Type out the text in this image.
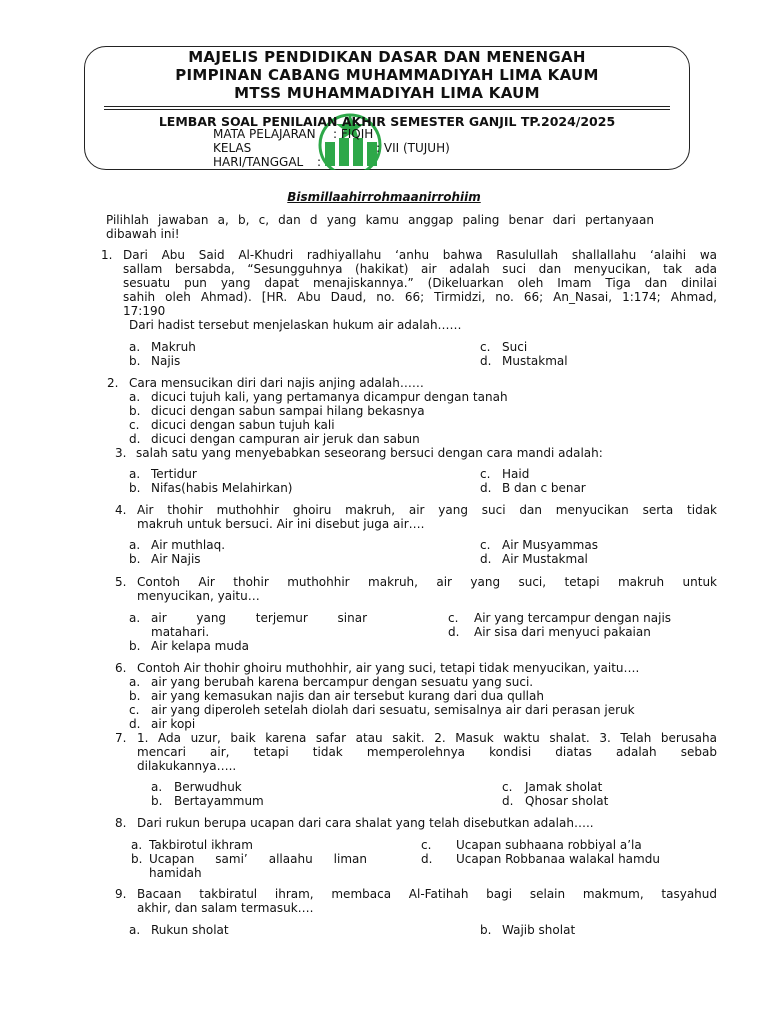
MAJELIS PENDIDIKAN DASAR DAN MENENGAH
PIMPINAN CABANG MUHAMMADIYAH LIMA KAUM
MTSS MUHAMMADIYAH LIMA KAUM
LEMBAR SOAL PENILAIAN AKHIR SEMESTER GANJIL TP.2024/2025
MATA PELAJARAN : FIQIH
KELAS	: VII (TUJUH)
HARI/TANGGAL :
Bismillaahirrohmaanirrohiim
Pilihlah jawaban a, b, c, dan d yang kamu anggap paling benar dari pertanyaan
dibawah ini!
1. Dari Abu Said Al-Khudri radhiyallahu ‘anhu bahwa Rasulullah shallallahu ‘alaihi wa
sallam bersabda, “Sesungguhnya (hakikat) air adalah suci dan menyucikan, tak ada
sesuatu pun yang dapat menajiskannya.” (Dikeluarkan oleh Imam Tiga dan dinilai
sahih oleh Ahmad). [HR. Abu Daud, no. 66; Tirmidzi, no. 66; An_Nasai, 1:174; Ahmad,
17:190
Dari hadist tersebut menjelaskan hukum air adalah……
a. Makruh
b. Najis
c. Suci
d. Mustakmal
2. Cara mensucikan diri dari najis anjing adalah……
a. dicuci tujuh kali, yang pertamanya dicampur dengan tanah
b. dicuci dengan sabun sampai hilang bekasnya
c. dicuci dengan sabun tujuh kali
d. dicuci dengan campuran air jeruk dan sabun
3. salah satu yang menyebabkan seseorang bersuci dengan cara mandi adalah:
a. Tertidur
b. Nifas(habis Melahirkan)
c. Haid
d. B dan c benar
4. Air thohir muthohhir ghoiru makruh, air yang suci dan menyucikan serta tidak
makruh untuk bersuci. Air ini disebut juga air….
a. Air muthlaq.
b. Air Najis
c. Air Musyammas
d. Air Mustakmal
5. Contoh Air thohir muthohhir makruh, air yang suci, tetapi makruh untuk
menyucikan, yaitu…
a. air yang terjemur sinar
matahari.
b. Air kelapa muda
c. Air yang tercampur dengan najis
d. Air sisa dari menyuci pakaian
6. Contoh Air thohir ghoiru muthohhir, air yang suci, tetapi tidak menyucikan, yaitu….
a. air yang berubah karena bercampur dengan sesuatu yang suci.
b. air yang kemasukan najis dan air tersebut kurang dari dua qullah
c. air yang diperoleh setelah diolah dari sesuatu, semisalnya air dari perasan jeruk
d. air kopi
7. 1. Ada uzur, baik karena safar atau sakit. 2. Masuk waktu shalat. 3. Telah berusaha
mencari air, tetapi tidak memperolehnya kondisi diatas adalah sebab
dilakukannya…..
a. Berwudhuk
b. Bertayammum
c. Jamak sholat
d. Qhosar sholat
8. Dari rukun berupa ucapan dari cara shalat yang telah disebutkan adalah…..
a. Takbirotul ikhram
b. Ucapan sami’ allaahu liman
hamidah
c. Ucapan subhaana robbiyal a’la
d. Ucapan Robbanaa walakal hamdu
9. Bacaan takbiratul ihram, membaca Al-Fatihah bagi selain makmum, tasyahud
akhir, dan salam termasuk….
a. Rukun sholat	b. Wajib sholat
